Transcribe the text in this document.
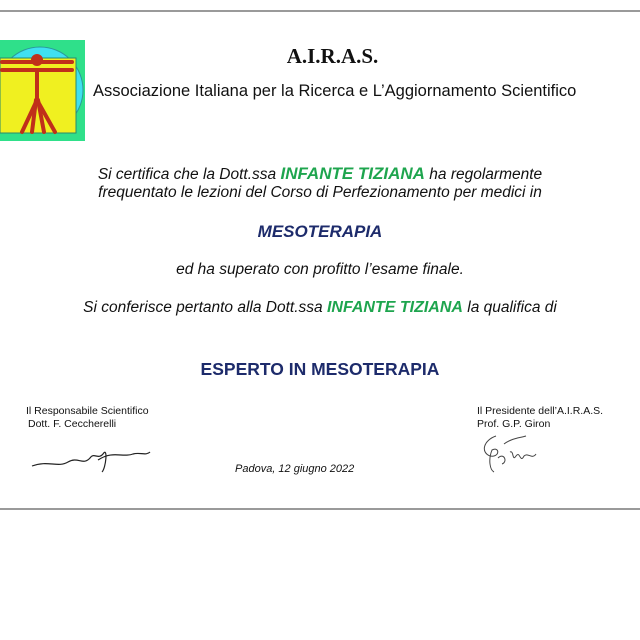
A.I.R.A.S.
Associazione Italiana per la Ricerca e L’Aggiornamento Scientifico
Si certifica che la Dott.ssa INFANTE TIZIANA ha regolarmente
frequentato le lezioni del Corso di Perfezionamento per medici in
MESOTERAPIA
ed ha superato con profitto l’esame finale.
Si conferisce pertanto alla Dott.ssa INFANTE TIZIANA la qualifica di
ESPERTO IN MESOTERAPIA
Il Responsabile Scientifico
Dott. F. Ceccherelli
Padova, 12 giugno 2022
Il Presidente dell’A.I.R.A.S.
Prof. G.P. Giron
